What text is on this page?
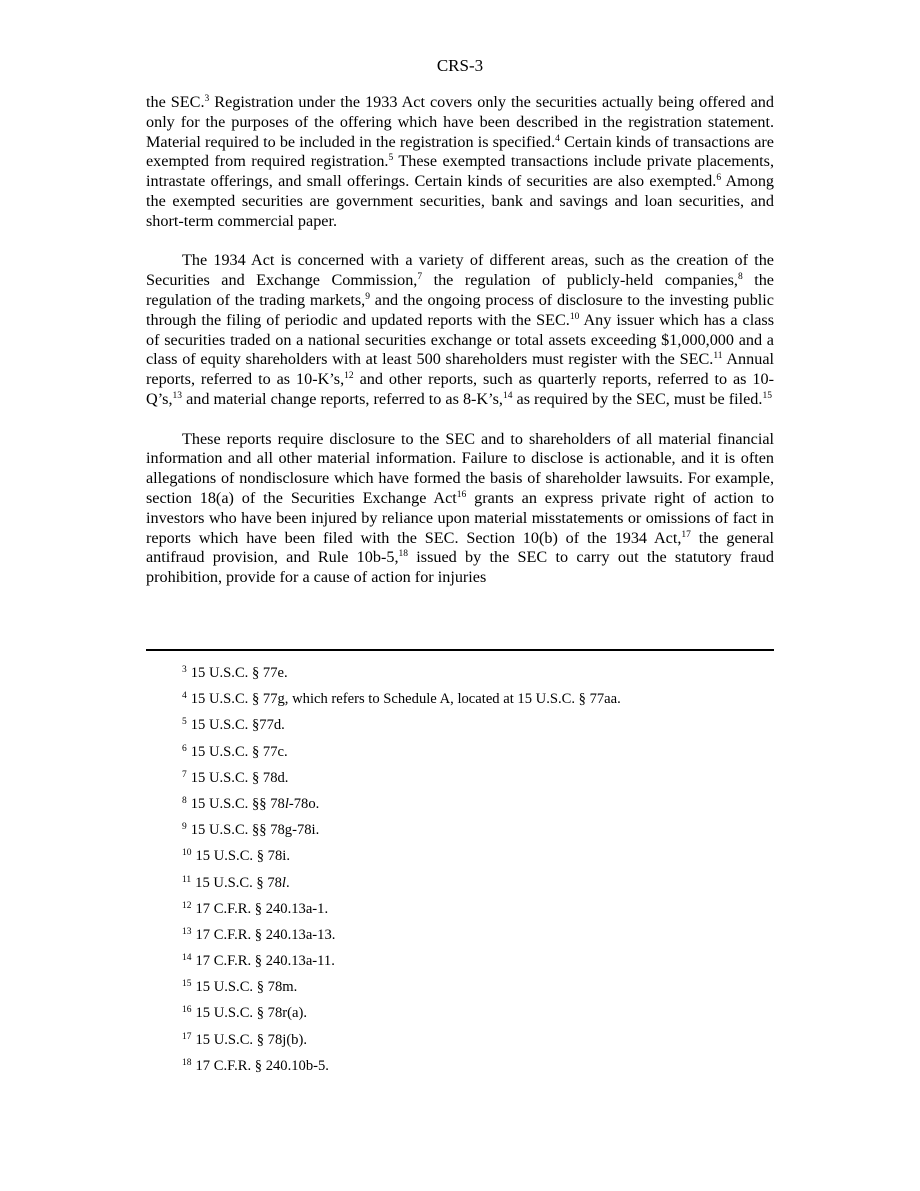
CRS-3

the SEC.$^3$ Registration under the 1933 Act covers only the securities actually being offered and only for the purposes of the offering which have been described in the registration statement. Material required to be included in the registration is specified.$^4$ Certain kinds of transactions are exempted from required registration.$^5$ These exempted transactions include private placements, intrastate offerings, and small offerings. Certain kinds of securities are also exempted.$^6$ Among the exempted securities are government securities, bank and savings and loan securities, and short-term commercial paper.

The 1934 Act is concerned with a variety of different areas, such as the creation of the Securities and Exchange Commission,$^7$ the regulation of publicly-held companies,$^8$ the regulation of the trading markets,$^9$ and the ongoing process of disclosure to the investing public through the filing of periodic and updated reports with the SEC.$^{10}$ Any issuer which has a class of securities traded on a national securities exchange or total assets exceeding $1,000,000 and a class of equity shareholders with at least 500 shareholders must register with the SEC.$^{11}$ Annual reports, referred to as 10-K’s,$^{12}$ and other reports, such as quarterly reports, referred to as 10-Q’s,$^{13}$ and material change reports, referred to as 8-K’s,$^{14}$ as required by the SEC, must be filed.$^{15}$

These reports require disclosure to the SEC and to shareholders of all material financial information and all other material information. Failure to disclose is actionable, and it is often allegations of nondisclosure which have formed the basis of shareholder lawsuits. For example, section 18(a) of the Securities Exchange Act$^{16}$ grants an express private right of action to investors who have been injured by reliance upon material misstatements or omissions of fact in reports which have been filed with the SEC. Section 10(b) of the 1934 Act,$^{17}$ the general antifraud provision, and Rule 10b-5,18 issued by the SEC to carry out the statutory fraud prohibition, provide for a cause of action for injuries

$^3$ 15 U.S.C. § 77e.
$^4$ 15 U.S.C. § 77g, which refers to Schedule A, located at 15 U.S.C. § 77aa.
$^5$ 15 U.S.C. §77d.
$^6$ 15 U.S.C. § 77c.
$^7$ 15 U.S.C. § 78d.
$^8$ 15 U.S.C. §§ 78l-78o.
$^9$ 15 U.S.C. §§ 78g-78i.
$^{10}$ 15 U.S.C. § 78i.
$^{11}$ 15 U.S.C. § 78l.
$^{12}$ 17 C.F.R. § 240.13a-1.
$^{13}$ 17 C.F.R. § 240.13a-13.
$^{14}$ 17 C.F.R. § 240.13a-11.
$^{15}$ 15 U.S.C. § 78m.
$^{16}$ 15 U.S.C. § 78r(a).
$^{17}$ 15 U.S.C. § 78j(b).
$^{18}$ 17 C.F.R. § 240.10b-5.
